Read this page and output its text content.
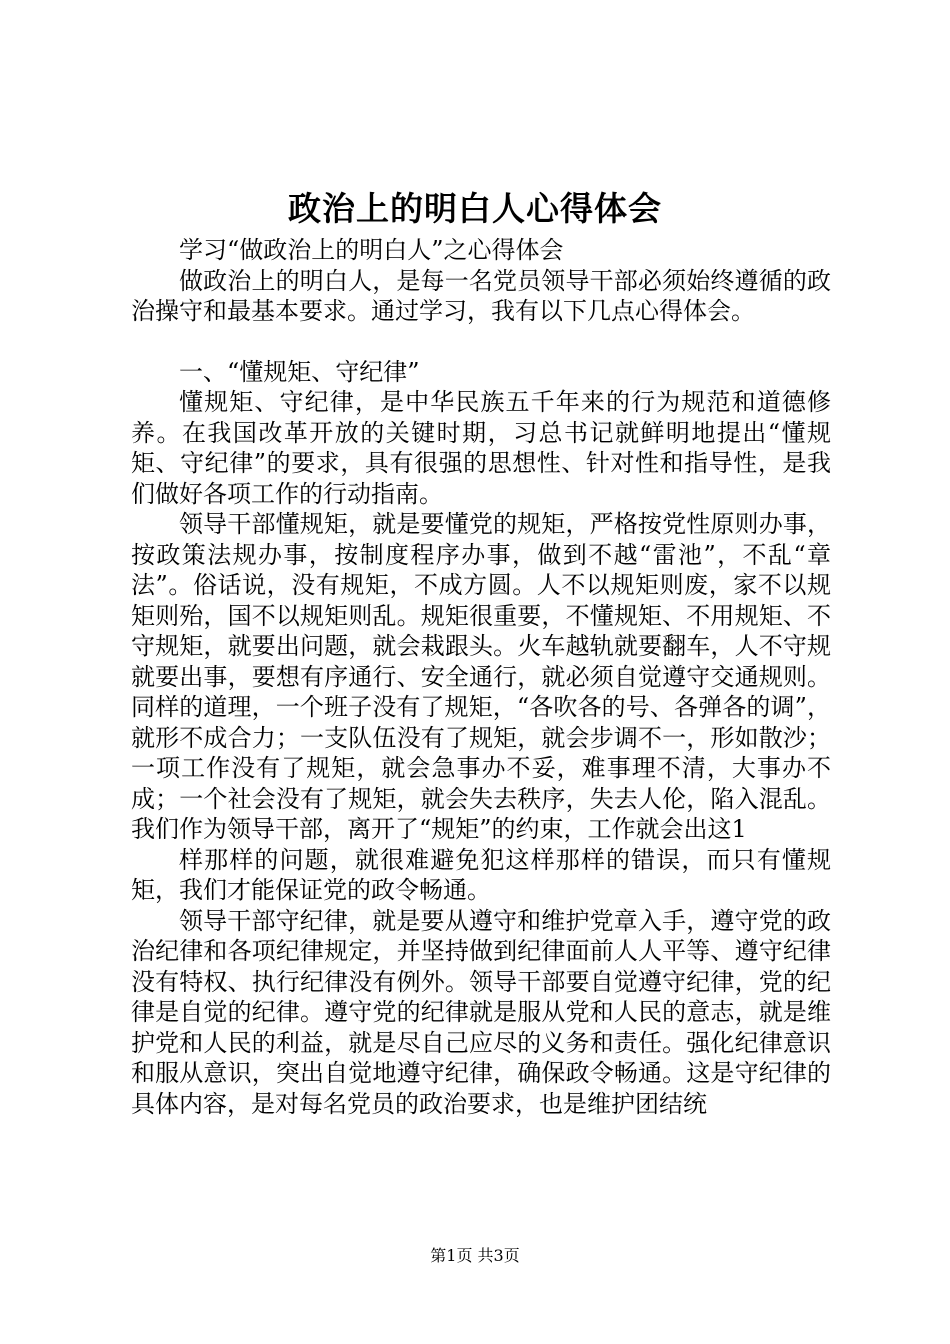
政治上的明白人心得体会

学习“做政治上的明白人”之心得体会

做政治上的明白人，是每一名党员领导干部必须始终遵循的政治操守和最基本要求。通过学习，我有以下几点心得体会。

一、“懂规矩、守纪律”

懂规矩、守纪律，是中华民族五千年来的行为规范和道德修养。在我国改革开放的关键时期，习总书记就鲜明地提出“懂规矩、守纪律”的要求，具有很强的思想性、针对性和指导性，是我们做好各项工作的行动指南。

领导干部懂规矩，就是要懂党的规矩，严格按党性原则办事，按政策法规办事，按制度程序办事，做到不越“雷池”，不乱“章法”。俗话说，没有规矩，不成方圆。人不以规矩则废，家不以规矩则殆，国不以规矩则乱。规矩很重要，不懂规矩、不用规矩、不守规矩，就要出问题，就会栽跟头。火车越轨就要翻车，人不守规就要出事，要想有序通行、安全通行，就必须自觉遵守交通规则。同样的道理，一个班子没有了规矩，“各吹各的号、各弹各的调”，就形不成合力；一支队伍没有了规矩，就会步调不一，形如散沙；一项工作没有了规矩，就会急事办不妥，难事理不清，大事办不成；一个社会没有了规矩，就会失去秩序，失去人伦，陷入混乱。我们作为领导干部，离开了“规矩”的约束，工作就会出这1

样那样的问题，就很难避免犯这样那样的错误，而只有懂规矩，我们才能保证党的政令畅通。

领导干部守纪律，就是要从遵守和维护党章入手，遵守党的政治纪律和各项纪律规定，并坚持做到纪律面前人人平等、遵守纪律没有特权、执行纪律没有例外。领导干部要自觉遵守纪律，党的纪律是自觉的纪律。遵守党的纪律就是服从党和人民的意志，就是维护党和人民的利益，就是尽自己应尽的义务和责任。强化纪律意识和服从意识，突出自觉地遵守纪律，确保政令畅通。这是守纪律的具体内容，是对每名党员的政治要求，也是维护团结统

第1页 共3页
